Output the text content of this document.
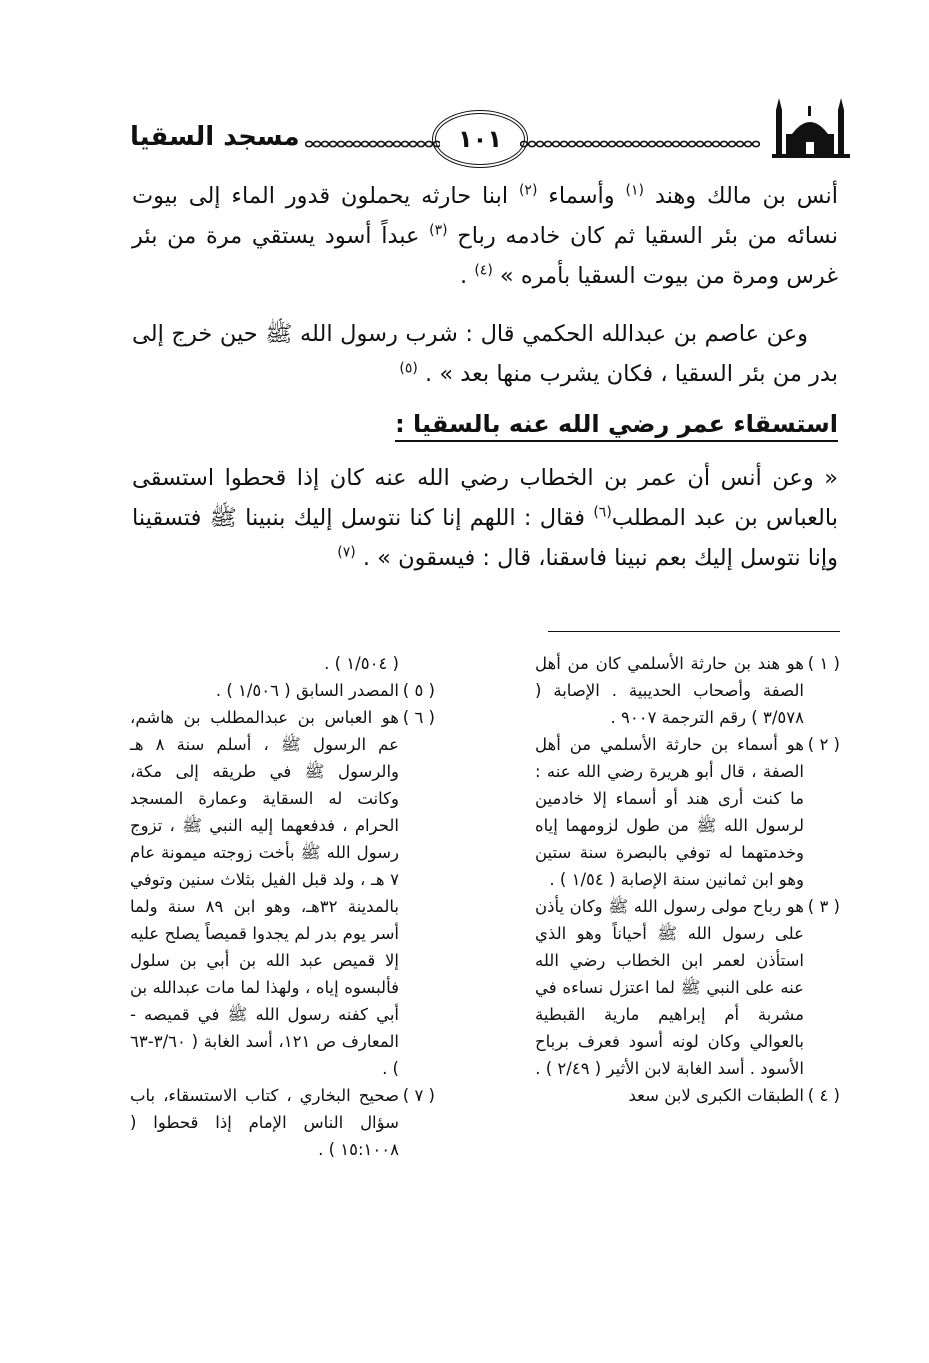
مسجد السقيا	١٠١

أنس بن مالك وهند $^{(١)}$ وأسماء $^{(٢)}$ ابنا حارثه يحملون قدور الماء إلى بيوت نسائه من بئر السقيا ثم كان خادمه رباح $^{(٣)}$ عبداً أسود يستقي مرة من بئر غرس ومرة من بيوت السقيا بأمره » $^{(٤)}$ .

وعن عاصم بن عبدالله الحكمي قال : شرب رسول الله ﷺ حين خرج إلى بدر من بئر السقيا ، فكان يشرب منها بعد » . $^{(٥)}$

استسقاء عمر رضي الله عنه بالسقيا :

« وعن أنس أن عمر بن الخطاب رضي الله عنه كان إذا قحطوا استسقى بالعباس بن عبد المطلب$^{(٦)}$ فقال : اللهم إنا كنا نتوسل إليك بنبينا ﷺ فتسقينا وإنا نتوسل إليك بعم نبينا فاسقنا، قال : فيسقون » . $^{(٧)}$

( ١ )
هو هند بن حارثة الأسلمي كان من أهل الصفة وأصحاب الحديبية . الإصابة ( ٣/٥٧٨ ) رقم الترجمة ٩٠٠٧ .
( ٢ )
هو أسماء بن حارثة الأسلمي من أهل الصفة ، قال أبو هريرة رضي الله عنه : ما كنت أرى هند أو أسماء إلا خادمين لرسول الله ﷺ من طول لزومهما إياه وخدمتهما له توفي بالبصرة سنة ستين وهو ابن ثمانين سنة الإصابة ( ١/٥٤ ) .
( ٣ )
هو رباح مولى رسول الله ﷺ وكان يأذن على رسول الله ﷺ أحياناً وهو الذي استأذن لعمر ابن الخطاب رضي الله عنه على النبي ﷺ لما اعتزل نساءه في مشربة أم إبراهيم مارية القبطية بالعوالي وكان لونه أسود فعرف برباح الأسود . أسد الغابة لابن الأثير ( ٢/٤٩ ) .
( ٤ )
الطبقات الكبرى لابن سعد
( ١/٥٠٤ ) .
( ٥ )
المصدر السابق ( ١/٥٠٦ ) .
( ٦ )
هو العباس بن عبدالمطلب بن هاشم، عم الرسول ﷺ ، أسلم سنة ٨ هـ والرسول ﷺ في طريقه إلى مكة، وكانت له السقاية وعمارة المسجد الحرام ، فدفعهما إليه النبي ﷺ ، تزوج رسول الله ﷺ بأخت زوجته ميمونة عام ٧ هـ ، ولد قبل الفيل بثلاث سنين وتوفي بالمدينة ٣٢هـ، وهو ابن ٨٩ سنة ولما أسر يوم بدر لم يجدوا قميصاً يصلح عليه إلا قميص عبد الله بن أبي بن سلول فألبسوه إياه ، ولهذا لما مات عبدالله بن أبي كفنه رسول الله ﷺ في قميصه - المعارف ص ١٢١، أسد الغابة ( ٣/٦٠-٦٣ ) .
( ٧ )
صحيح البخاري ، كتاب الاستسقاء، باب سؤال الناس الإمام إذا قحطوا ( ١٥:١٠٠٨ ) .
